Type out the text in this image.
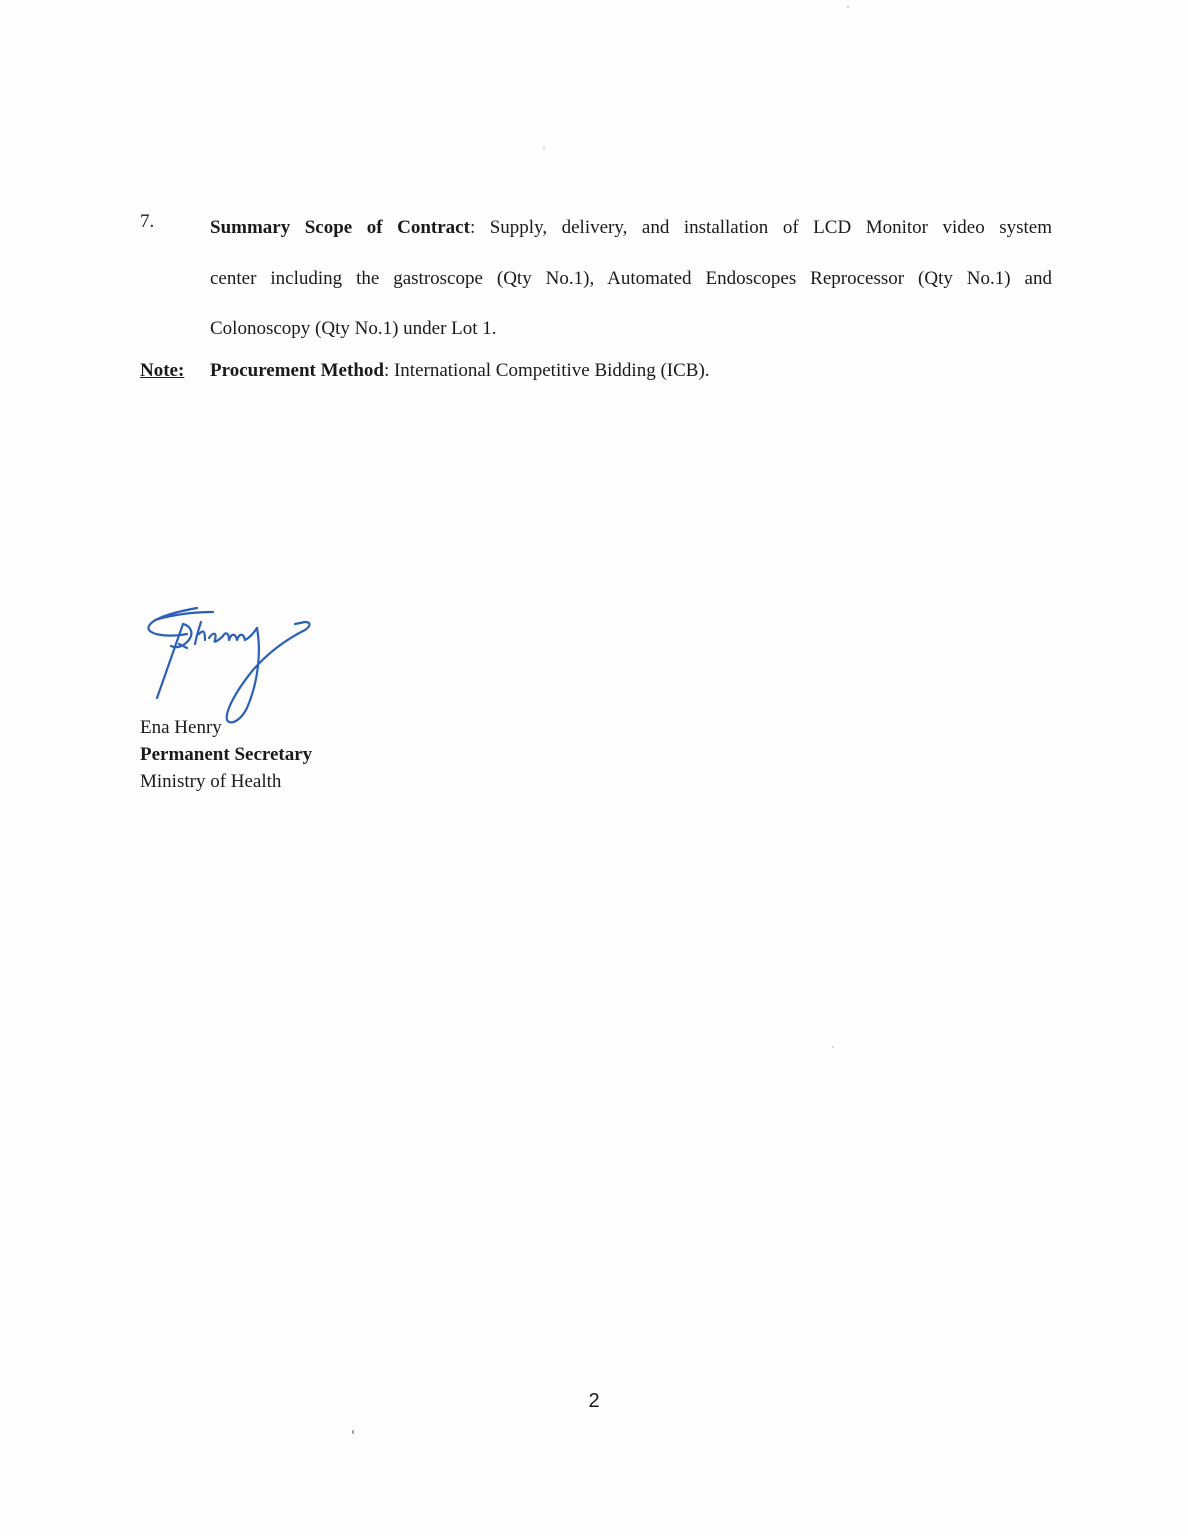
7.	Summary Scope of Contract: Supply, delivery, and installation of LCD Monitor video system
center including the gastroscope (Qty No.1), Automated Endoscopes Reprocessor (Qty No.1) and
Colonoscopy (Qty No.1) under Lot 1.
Note: Procurement Method: International Competitive Bidding (ICB).
Ena Henry
Permanent Secretary
Ministry of Health
2
